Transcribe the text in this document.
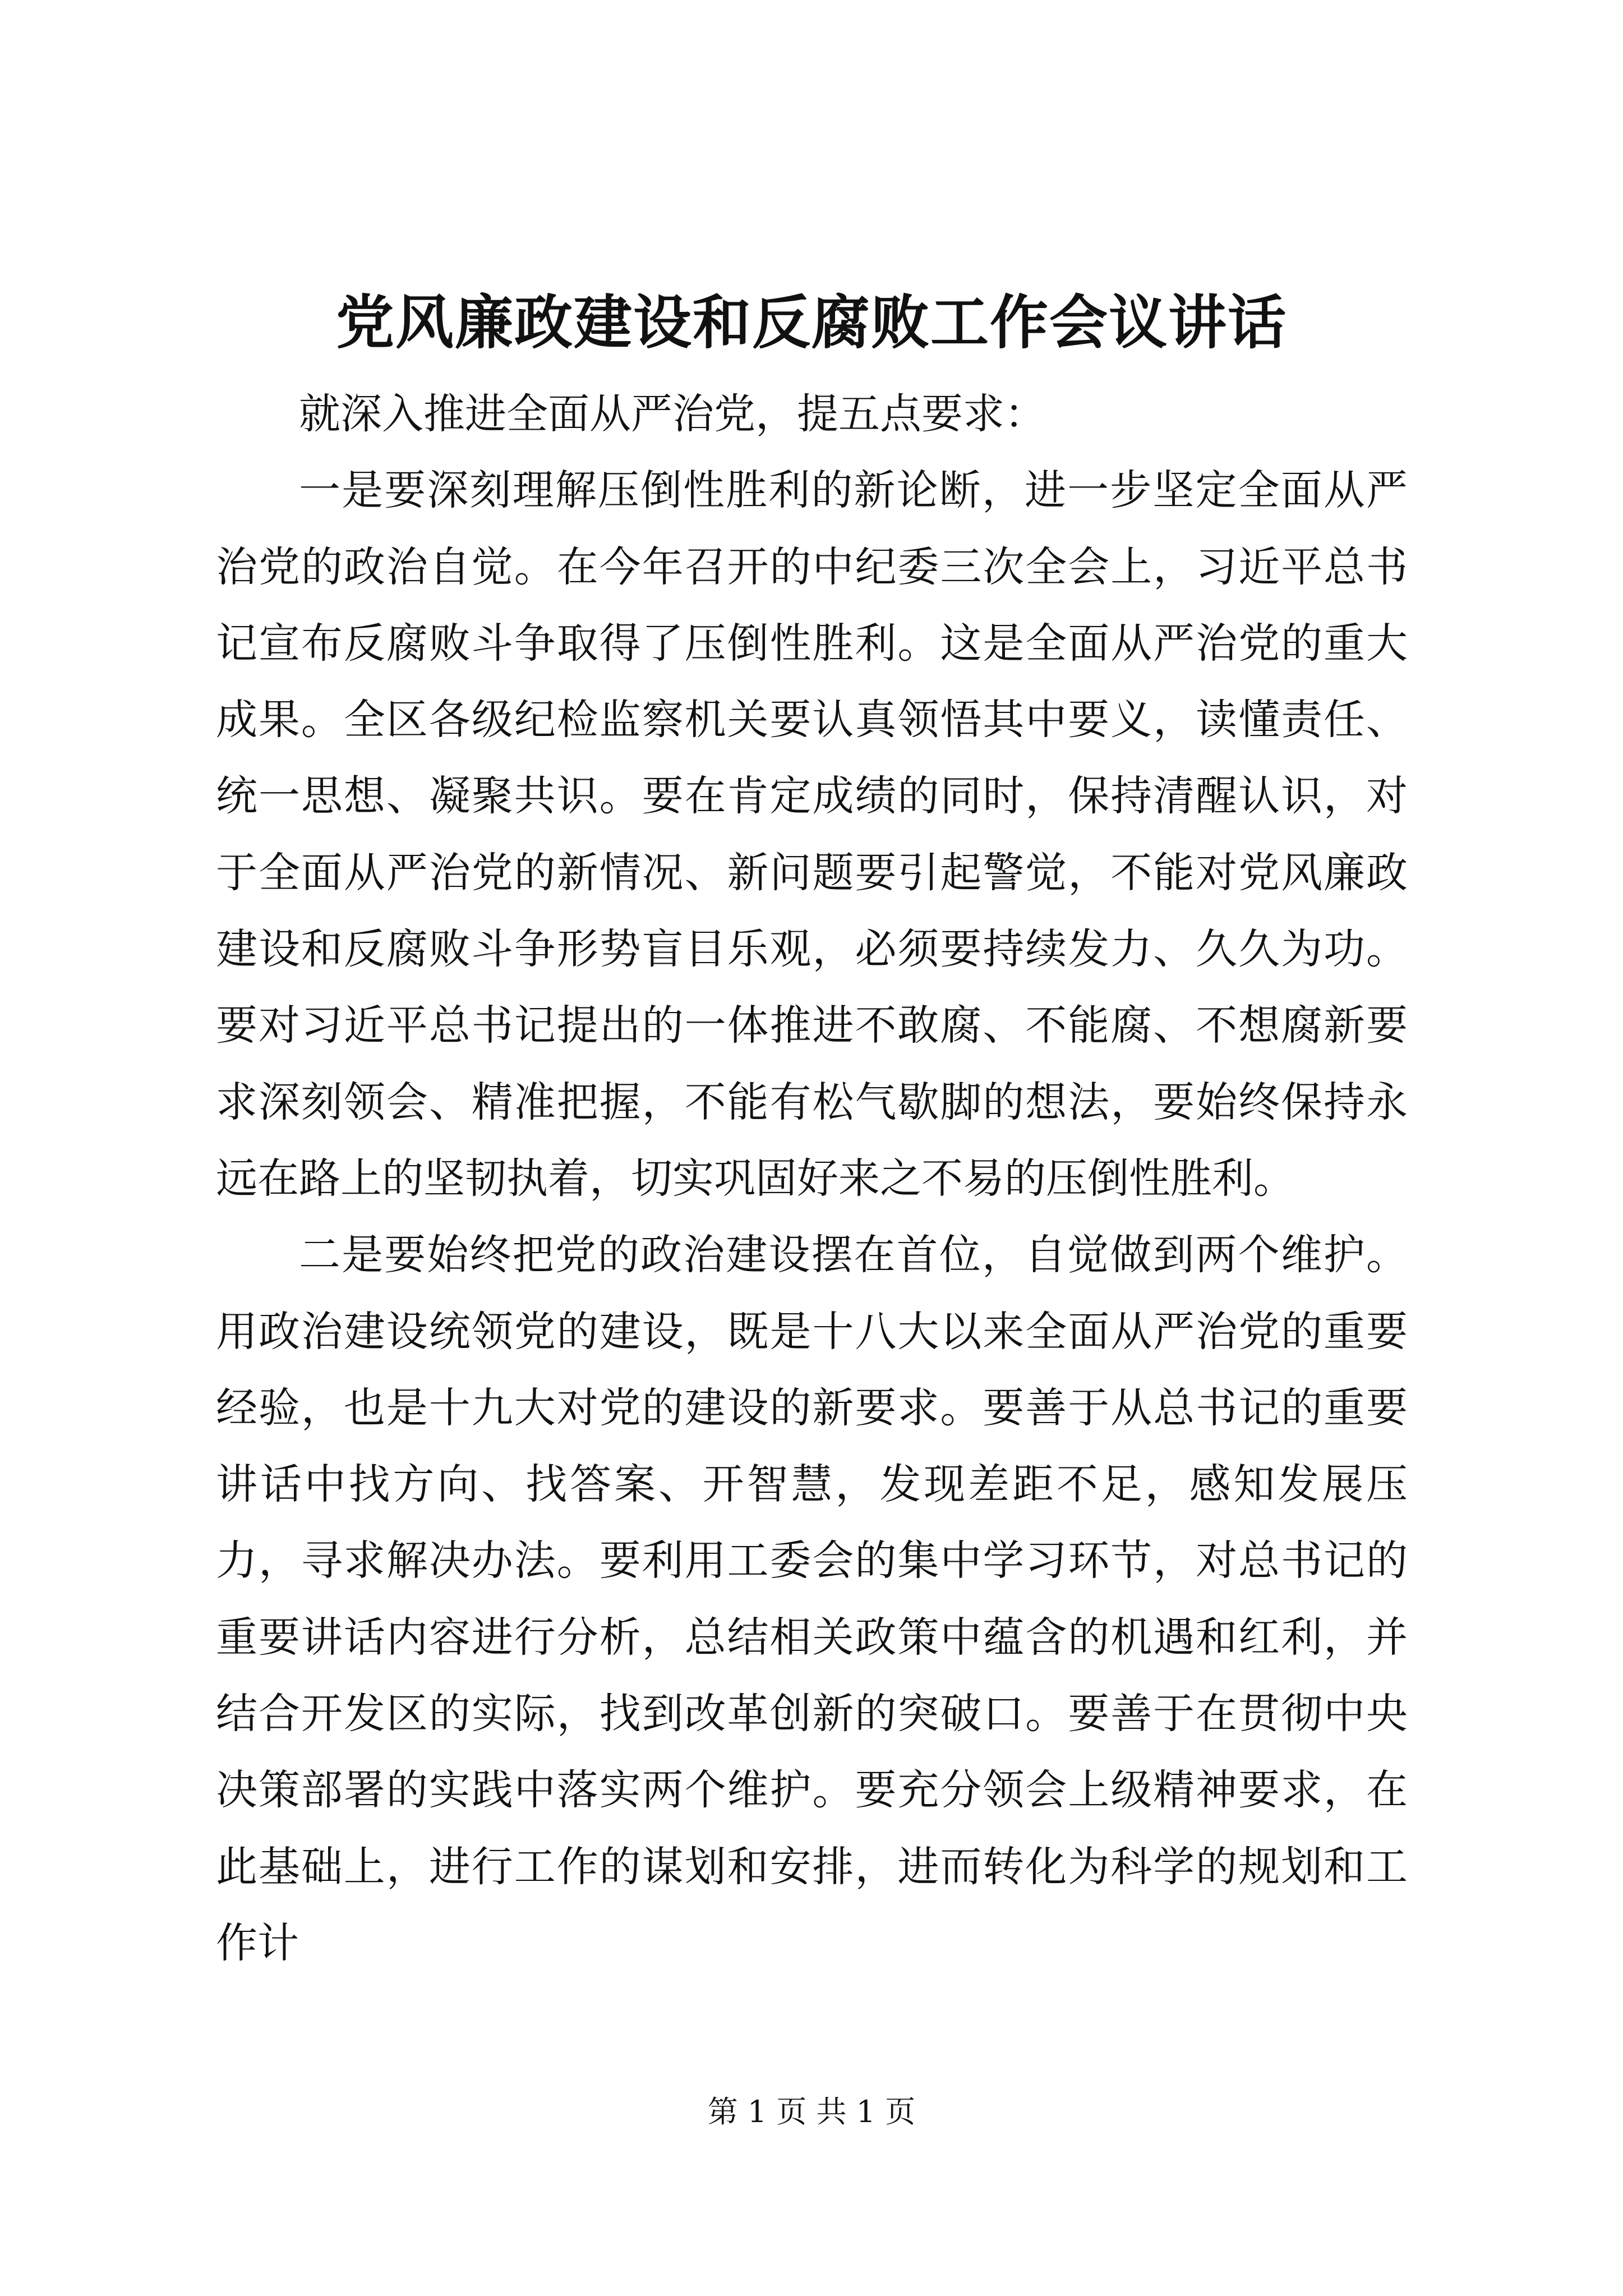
党风廉政建设和反腐败工作会议讲话

就深入推进全面从严治党，提五点要求：

一是要深刻理解压倒性胜利的新论断，进一步坚定全面从严治党的政治自觉。在今年召开的中纪委三次全会上，习近平总书记宣布反腐败斗争取得了压倒性胜利。这是全面从严治党的重大成果。全区各级纪检监察机关要认真领悟其中要义，读懂责任、统一思想、凝聚共识。要在肯定成绩的同时，保持清醒认识，对于全面从严治党的新情况、新问题要引起警觉，不能对党风廉政建设和反腐败斗争形势盲目乐观，必须要持续发力、久久为功。要对习近平总书记提出的一体推进不敢腐、不能腐、不想腐新要求深刻领会、精准把握，不能有松气歇脚的想法，要始终保持永远在路上的坚韧执着，切实巩固好来之不易的压倒性胜利。

二是要始终把党的政治建设摆在首位，自觉做到两个维护。用政治建设统领党的建设，既是十八大以来全面从严治党的重要经验，也是十九大对党的建设的新要求。要善于从总书记的重要讲话中找方向、找答案、开智慧，发现差距不足，感知发展压力，寻求解决办法。要利用工委会的集中学习环节，对总书记的重要讲话内容进行分析，总结相关政策中蕴含的机遇和红利，并结合开发区的实际，找到改革创新的突破口。要善于在贯彻中央决策部署的实践中落实两个维护。要充分领会上级精神要求，在此基础上，进行工作的谋划和安排，进而转化为科学的规划和工作计

第 1 页 共 1 页
